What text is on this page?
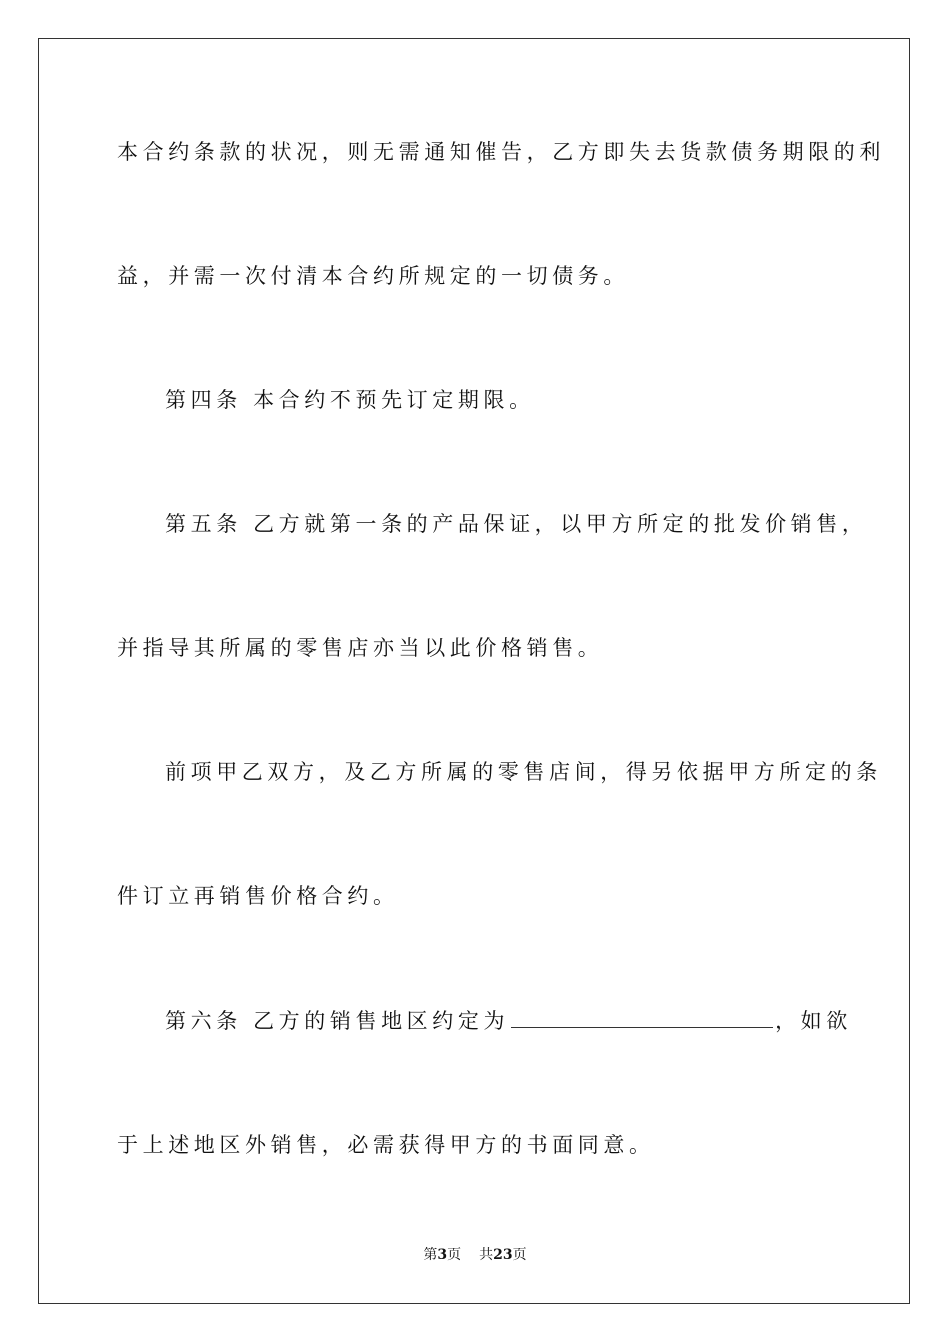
本合约条款的状况，则无需通知催告，乙方即失去货款债务期限的利
益，并需一次付清本合约所规定的一切债务。
第四条 本合约不预先订定期限。
第五条 乙方就第一条的产品保证，以甲方所定的批发价销售，
并指导其所属的零售店亦当以此价格销售。
前项甲乙双方，及乙方所属的零售店间，得另依据甲方所定的条
件订立再销售价格合约。
第六条 乙方的销售地区约定为	，如欲
于上述地区外销售，必需获得甲方的书面同意。
第3页 共23页
